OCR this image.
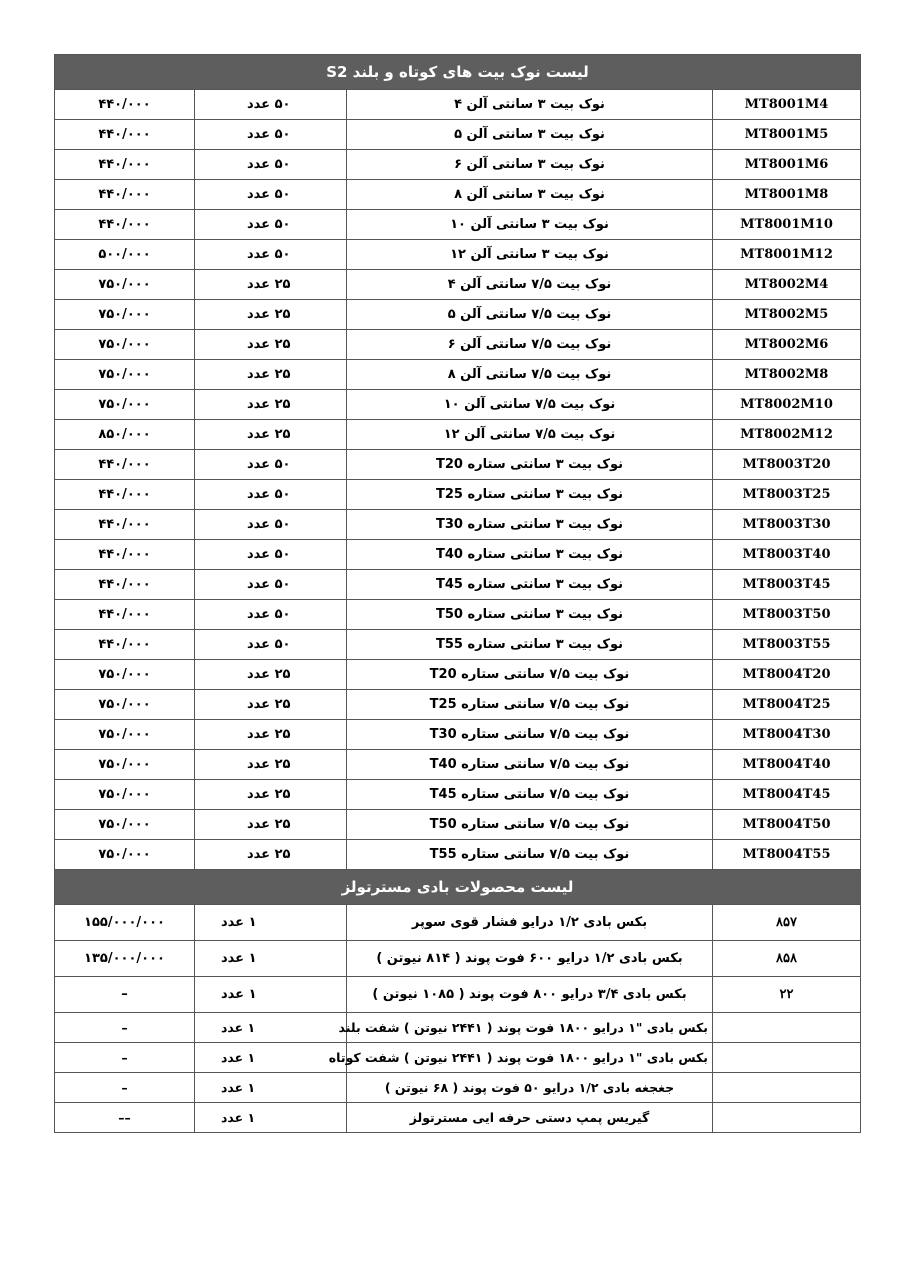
لیست نوک بیت های کوتاه و بلند S2			
۴۴۰/۰۰۰	۵۰ عدد	نوک بیت ۳ سانتی آلن ۴	MT8001M4
۴۴۰/۰۰۰	۵۰ عدد	نوک بیت ۳ سانتی آلن ۵	MT8001M5
۴۴۰/۰۰۰	۵۰ عدد	نوک بیت ۳ سانتی آلن ۶	MT8001M6
۴۴۰/۰۰۰	۵۰ عدد	نوک بیت ۳ سانتی آلن ۸	MT8001M8
۴۴۰/۰۰۰	۵۰ عدد	نوک بیت ۳ سانتی آلن ۱۰	MT8001M10
۵۰۰/۰۰۰	۵۰ عدد	نوک بیت ۳ سانتی آلن ۱۲	MT8001M12
۷۵۰/۰۰۰	۲۵ عدد	نوک بیت ۷/۵ سانتی آلن ۴	MT8002M4
۷۵۰/۰۰۰	۲۵ عدد	نوک بیت ۷/۵ سانتی آلن ۵	MT8002M5
۷۵۰/۰۰۰	۲۵ عدد	نوک بیت ۷/۵ سانتی آلن ۶	MT8002M6
۷۵۰/۰۰۰	۲۵ عدد	نوک بیت ۷/۵ سانتی آلن ۸	MT8002M8
۷۵۰/۰۰۰	۲۵ عدد	نوک بیت ۷/۵ سانتی آلن ۱۰	MT8002M10
۸۵۰/۰۰۰	۲۵ عدد	نوک بیت ۷/۵ سانتی آلن ۱۲	MT8002M12
۴۴۰/۰۰۰	۵۰ عدد	نوک بیت ۳ سانتی ستاره T20	MT8003T20
۴۴۰/۰۰۰	۵۰ عدد	نوک بیت ۳ سانتی ستاره T25	MT8003T25
۴۴۰/۰۰۰	۵۰ عدد	نوک بیت ۳ سانتی ستاره T30	MT8003T30
۴۴۰/۰۰۰	۵۰ عدد	نوک بیت ۳ سانتی ستاره T40	MT8003T40
۴۴۰/۰۰۰	۵۰ عدد	نوک بیت ۳ سانتی ستاره T45	MT8003T45
۴۴۰/۰۰۰	۵۰ عدد	نوک بیت ۳ سانتی ستاره T50	MT8003T50
۴۴۰/۰۰۰	۵۰ عدد	نوک بیت ۳ سانتی ستاره T55	MT8003T55
۷۵۰/۰۰۰	۲۵ عدد	نوک بیت ۷/۵ سانتی ستاره T20	MT8004T20
۷۵۰/۰۰۰	۲۵ عدد	نوک بیت ۷/۵ سانتی ستاره T25	MT8004T25
۷۵۰/۰۰۰	۲۵ عدد	نوک بیت ۷/۵ سانتی ستاره T30	MT8004T30
۷۵۰/۰۰۰	۲۵ عدد	نوک بیت ۷/۵ سانتی ستاره T40	MT8004T40
۷۵۰/۰۰۰	۲۵ عدد	نوک بیت ۷/۵ سانتی ستاره T45	MT8004T45
۷۵۰/۰۰۰	۲۵ عدد	نوک بیت ۷/۵ سانتی ستاره T50	MT8004T50
۷۵۰/۰۰۰	۲۵ عدد	نوک بیت ۷/۵ سانتی ستاره T55	MT8004T55
لیست محصولات بادی مسترتولز			
۱۵۵/۰۰۰/۰۰۰	۱ عدد	بکس بادی ۱/۲ درایو فشار قوی سوپر	۸۵۷
۱۳۵/۰۰۰/۰۰۰	۱ عدد	بکس بادی ۱/۲ درایو ۶۰۰ فوت پوند ( ۸۱۴ نیوتن )	۸۵۸
–	۱ عدد	بکس بادی ۳/۴ درایو ۸۰۰ فوت پوند ( ۱۰۸۵ نیوتن )	۲۲
–	۱ عدد	بکس بادی "۱ درایو ۱۸۰۰ فوت پوند ( ۲۴۴۱ نیوتن ) شفت بلند	
–	۱ عدد	بکس بادی "۱ درایو ۱۸۰۰ فوت پوند ( ۲۴۴۱ نیوتن ) شفت کوتاه	
–	۱ عدد	جغجغه بادی ۱/۲ درایو ۵۰ فوت پوند ( ۶۸ نیوتن )	
––	۱ عدد	گیریس پمپ دستی حرفه ایی مسترتولز	
